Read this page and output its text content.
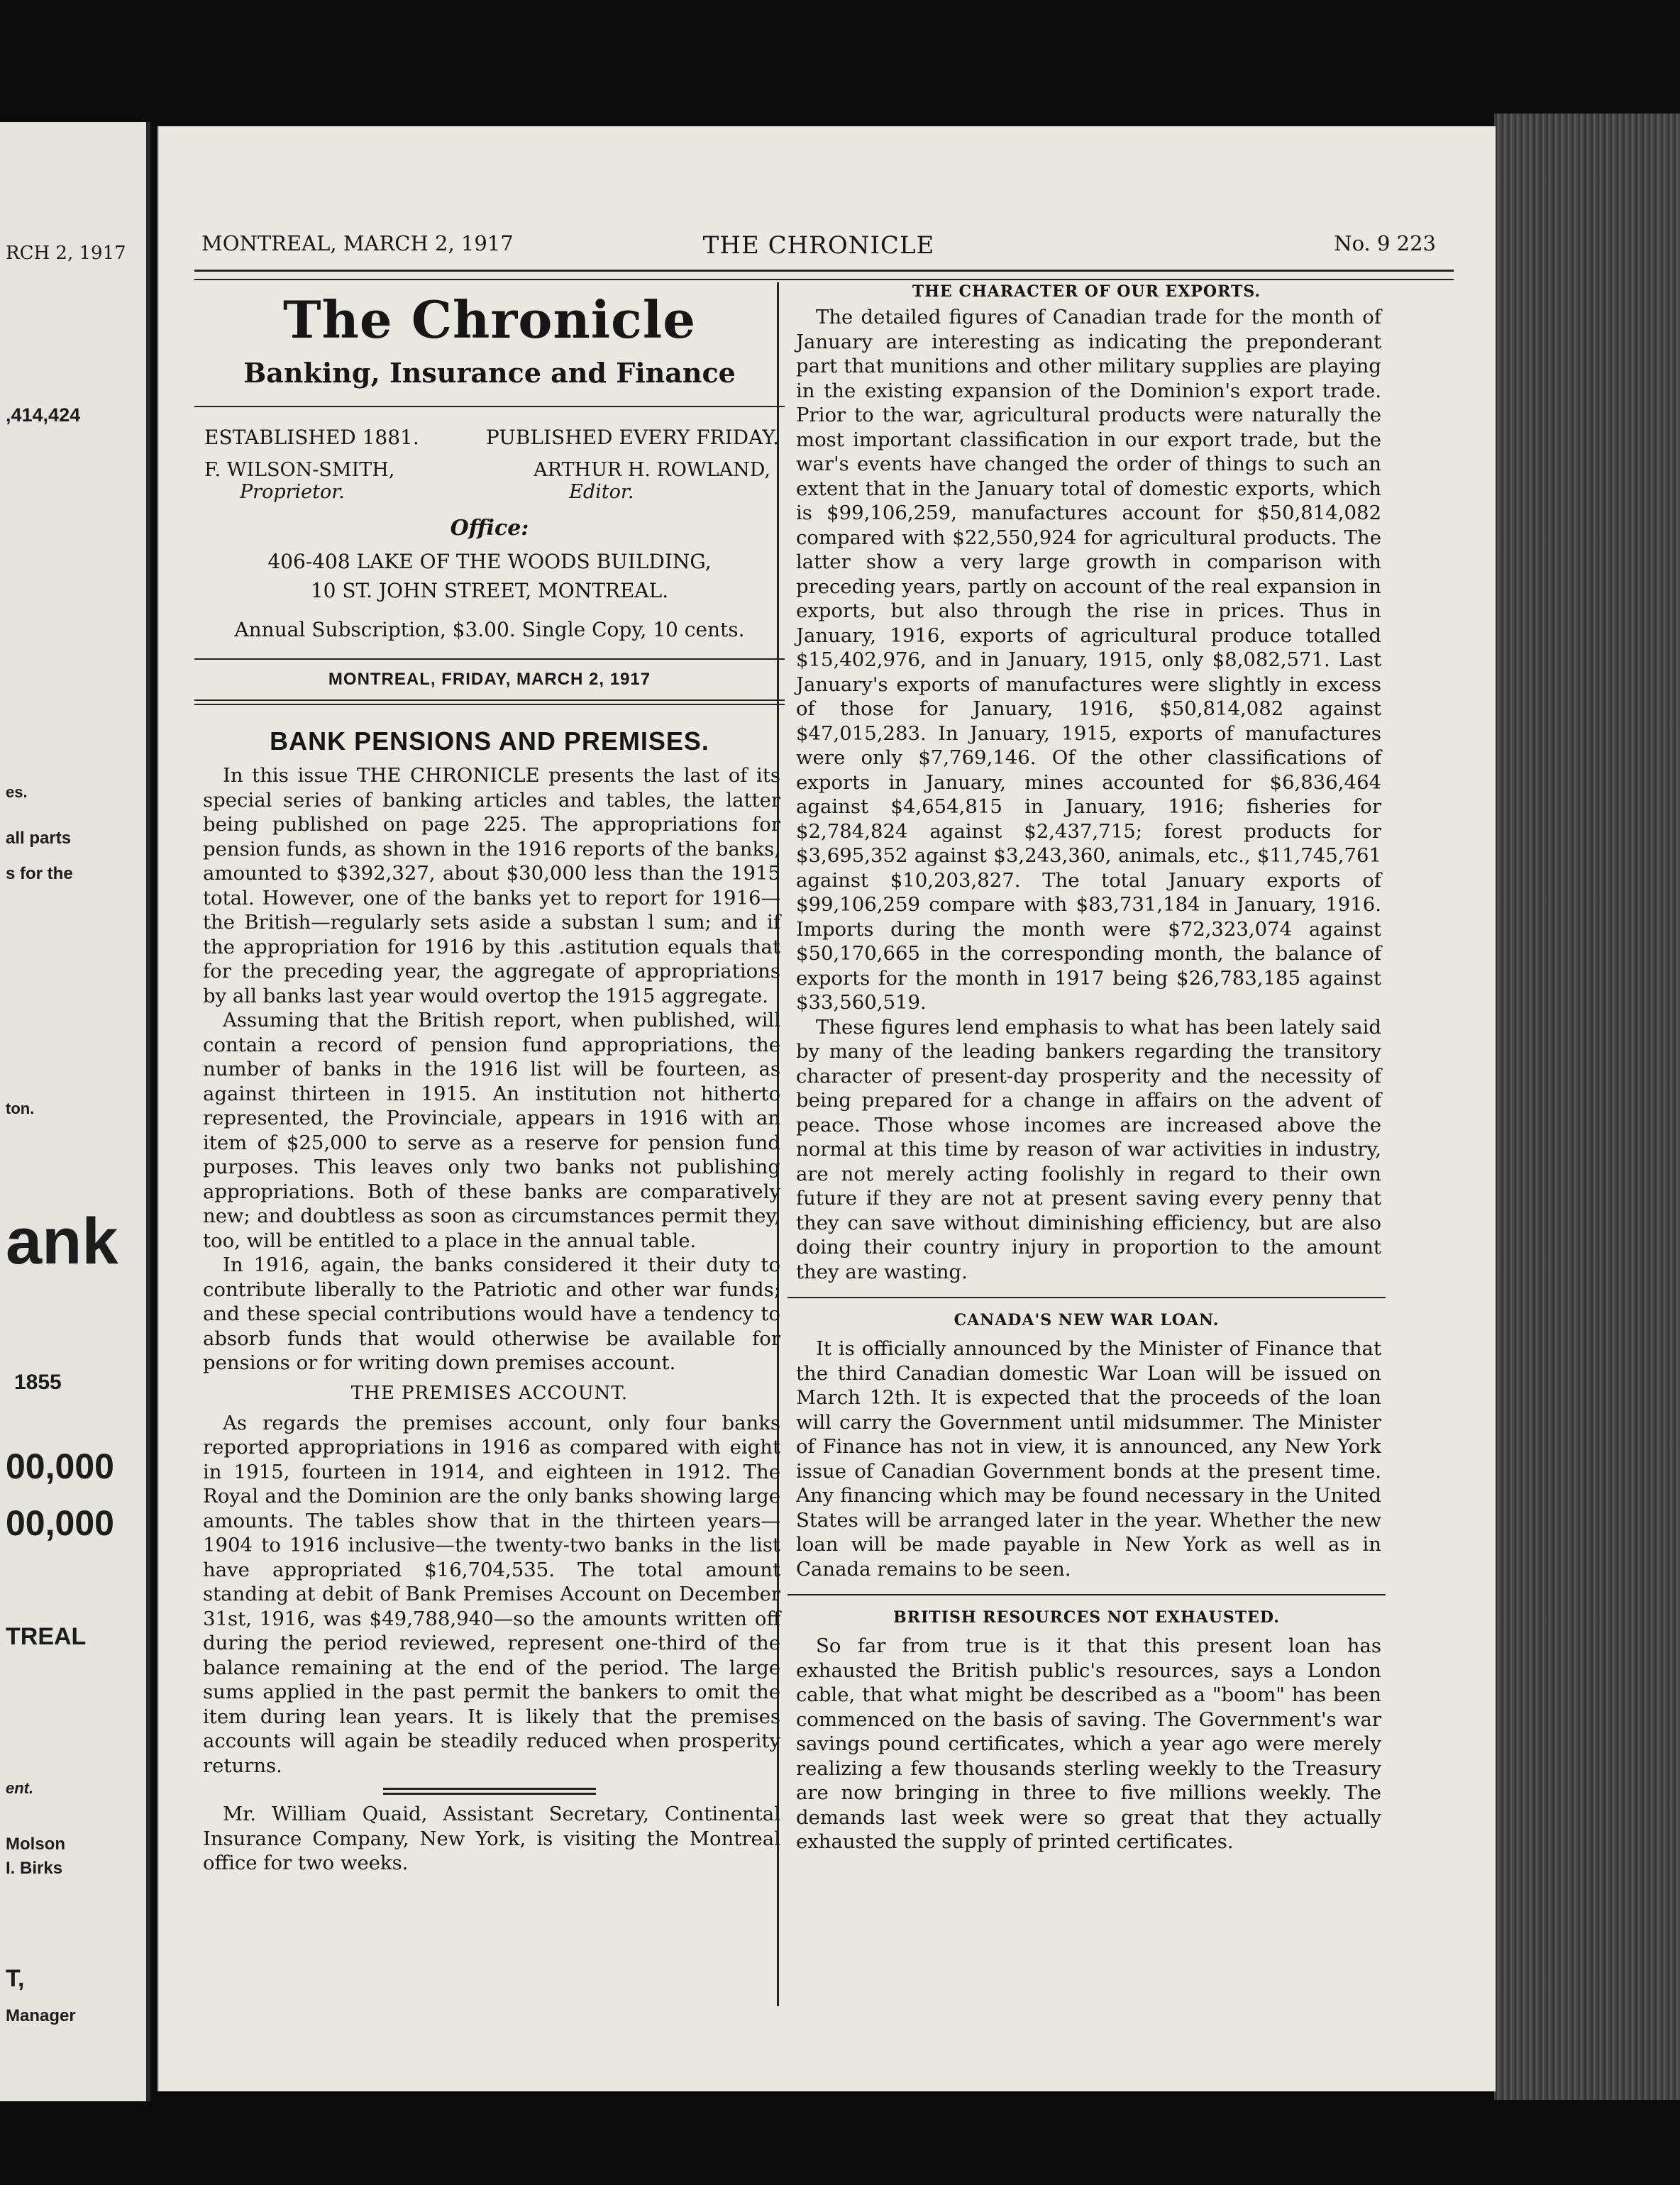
RCH 2, 1917
,414,424
es.
all parts
s for the
ton.
ank
1855
00,000
00,000
TREAL
ent.
Molson
I. Birks
T,
Manager
MONTREAL, MARCH 2, 1917	THE CHRONICLE	No. 9 223
The Chronicle
Banking, Insurance and Finance
ESTABLISHED 1881.	PUBLISHED EVERY FRIDAY.
F. WILSON-SMITH,
Proprietor.
ARTHUR H. ROWLAND,
Editor.
Office:
406-408 LAKE OF THE WOODS BUILDING,
10 ST. JOHN STREET, MONTREAL.
Annual Subscription, $3.00. Single Copy, 10 cents.
MONTREAL, FRIDAY, MARCH 2, 1917
BANK PENSIONS AND PREMISES.

In this issue THE CHRONICLE presents the last of its special series of banking articles and tables, the latter being published on page 225. The appropriations for pension funds, as shown in the 1916 reports of the banks, amounted to $392,327, about $30,000 less than the 1915 total. However, one of the banks yet to report for 1916—the British—regularly sets aside a substan l sum; and if the appropriation for 1916 by this .astitution equals that for the preceding year, the aggregate of appropriations by all banks last year would overtop the 1915 aggregate.

Assuming that the British report, when published, will contain a record of pension fund appropriations, the number of banks in the 1916 list will be fourteen, as against thirteen in 1915. An institution not hitherto represented, the Provinciale, appears in 1916 with an item of $25,000 to serve as a reserve for pension fund purposes. This leaves only two banks not publishing appropriations. Both of these banks are comparatively new; and doubtless as soon as circumstances permit they, too, will be entitled to a place in the annual table.

In 1916, again, the banks considered it their duty to contribute liberally to the Patriotic and other war funds; and these special contributions would have a tendency to absorb funds that would otherwise be available for pensions or for writing down premises account.

THE PREMISES ACCOUNT.

As regards the premises account, only four banks reported appropriations in 1916 as compared with eight in 1915, fourteen in 1914, and eighteen in 1912. The Royal and the Dominion are the only banks showing large amounts. The tables show that in the thirteen years—1904 to 1916 inclusive—the twenty-two banks in the list have appropriated $16,704,535. The total amount standing at debit of Bank Premises Account on December 31st, 1916, was $49,788,940—so the amounts written off during the period reviewed, represent one-third of the balance remaining at the end of the period. The large sums applied in the past permit the bankers to omit the item during lean years. It is likely that the premises accounts will again be steadily reduced when prosperity returns.

Mr. William Quaid, Assistant Secretary, Continental Insurance Company, New York, is visiting the Montreal office for two weeks.

THE CHARACTER OF OUR EXPORTS.

The detailed figures of Canadian trade for the month of January are interesting as indicating the preponderant part that munitions and other military supplies are playing in the existing expansion of the Dominion's export trade. Prior to the war, agricultural products were naturally the most important classification in our export trade, but the war's events have changed the order of things to such an extent that in the January total of domestic exports, which is $99,106,259, manufactures account for $50,814,082 compared with $22,550,924 for agricultural products. The latter show a very large growth in comparison with preceding years, partly on account of the real expansion in exports, but also through the rise in prices. Thus in January, 1916, exports of agricultural produce totalled $15,402,976, and in January, 1915, only $8,082,571. Last January's exports of manufactures were slightly in excess of those for January, 1916, $50,814,082 against $47,015,283. In January, 1915, exports of manufactures were only $7,769,146. Of the other classifications of exports in January, mines accounted for $6,836,464 against $4,654,815 in January, 1916; fisheries for $2,784,824 against $2,437,715; forest products for $3,695,352 against $3,243,360, animals, etc., $11,745,761 against $10,203,827. The total January exports of $99,106,259 compare with $83,731,184 in January, 1916. Imports during the month were $72,323,074 against $50,170,665 in the corresponding month, the balance of exports for the month in 1917 being $26,783,185 against $33,560,519.

These figures lend emphasis to what has been lately said by many of the leading bankers regarding the transitory character of present-day prosperity and the necessity of being prepared for a change in affairs on the advent of peace. Those whose incomes are increased above the normal at this time by reason of war activities in industry, are not merely acting foolishly in regard to their own future if they are not at present saving every penny that they can save without diminishing efficiency, but are also doing their country injury in proportion to the amount they are wasting.

CANADA'S NEW WAR LOAN.

It is officially announced by the Minister of Finance that the third Canadian domestic War Loan will be issued on March 12th. It is expected that the proceeds of the loan will carry the Government until midsummer. The Minister of Finance has not in view, it is announced, any New York issue of Canadian Government bonds at the present time. Any financing which may be found necessary in the United States will be arranged later in the year. Whether the new loan will be made payable in New York as well as in Canada remains to be seen.

BRITISH RESOURCES NOT EXHAUSTED.

So far from true is it that this present loan has exhausted the British public's resources, says a London cable, that what might be described as a "boom" has been commenced on the basis of saving. The Government's war savings pound certificates, which a year ago were merely realizing a few thousands sterling weekly to the Treasury are now bringing in three to five millions weekly. The demands last week were so great that they actually exhausted the supply of printed certificates.
